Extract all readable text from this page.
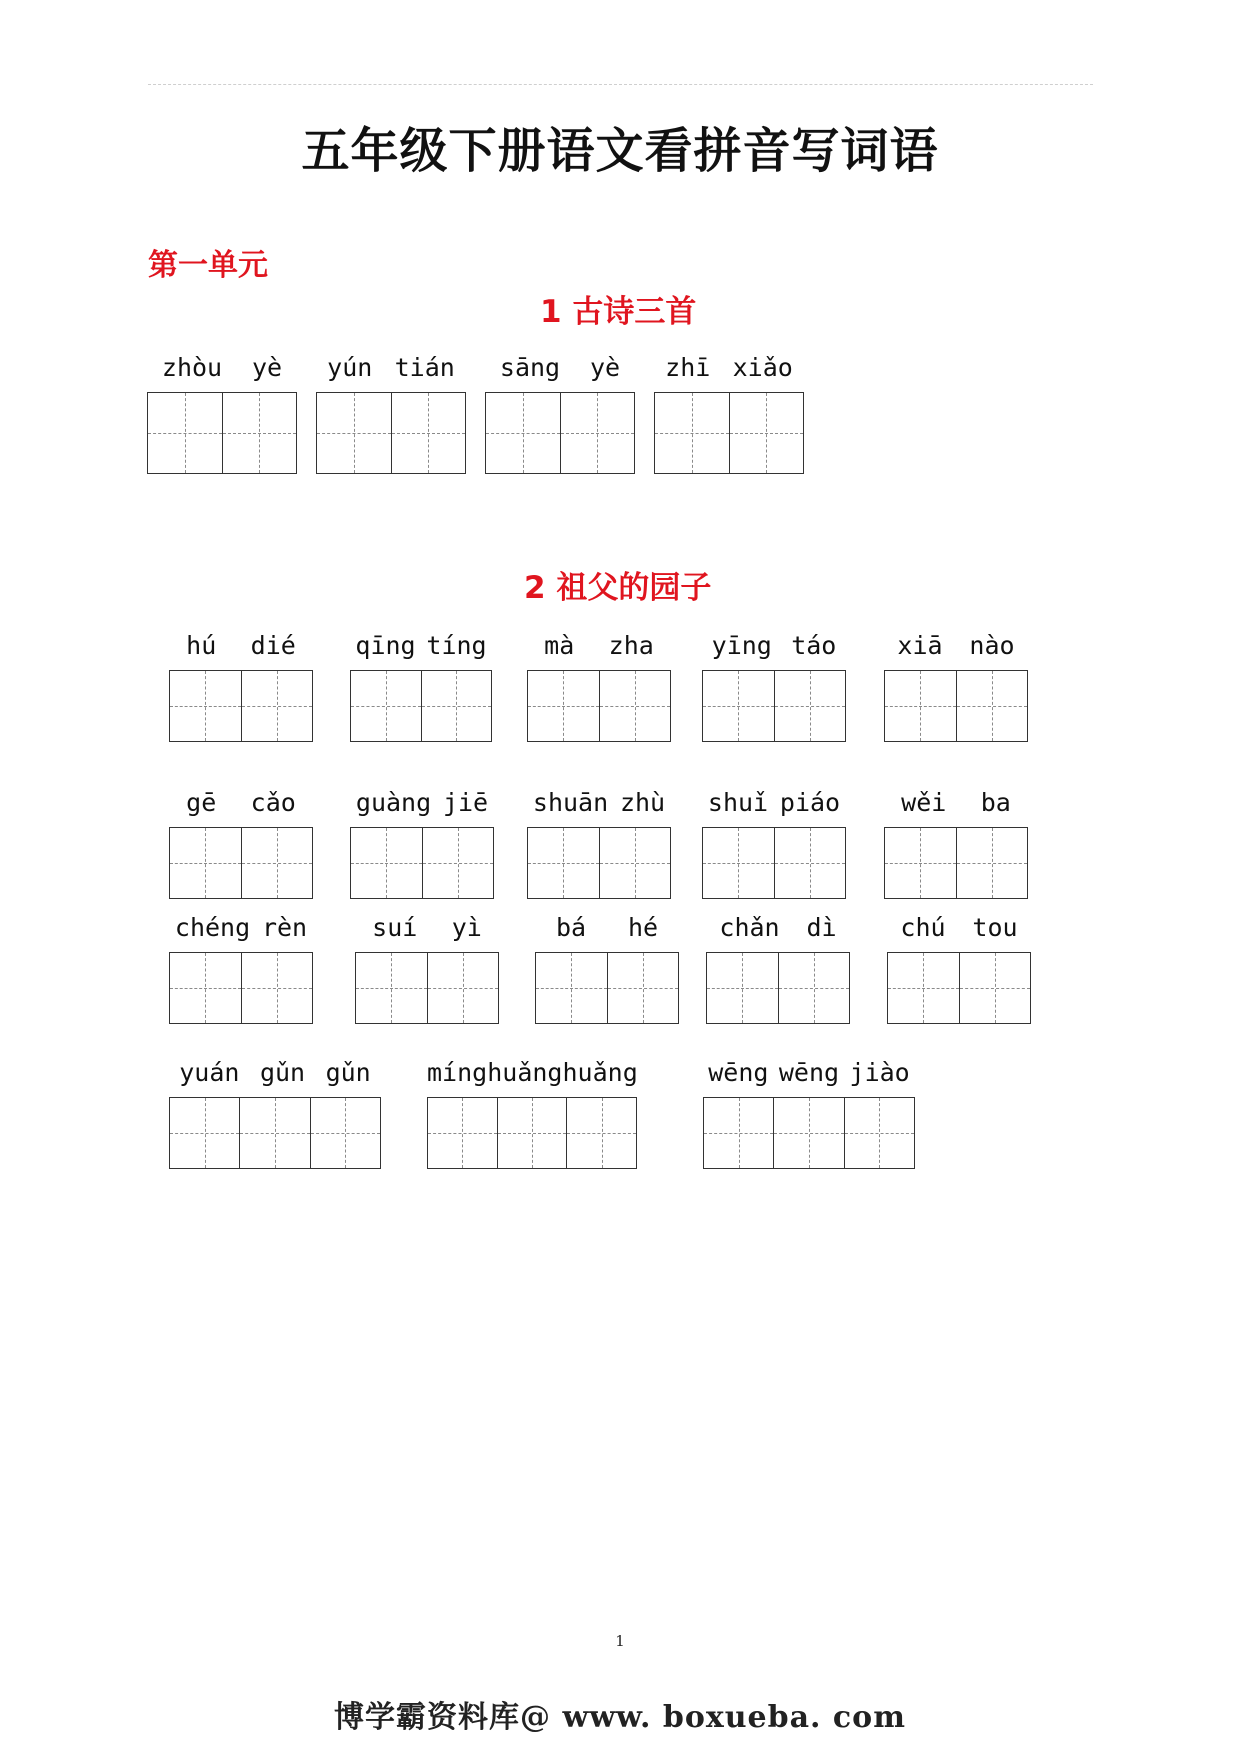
五年级下册语文看拼音写词语
第一单元
1 古诗三首
2 祖父的园子
zhòu yè yún tián sāng yè zhī xiǎo
hú dié qīng tíng mà zha yīng táo xiā nào
gē cǎo guàng jiē shuān zhù shuǐ piáo wěi ba
chéng rèn	suí yì	bá hé chǎn dì	chú tou
yuán gǔn gǔn míng huǎng huǎng	wēng wēng jiào
1
博学霸资料库@ www. boxueba. com
